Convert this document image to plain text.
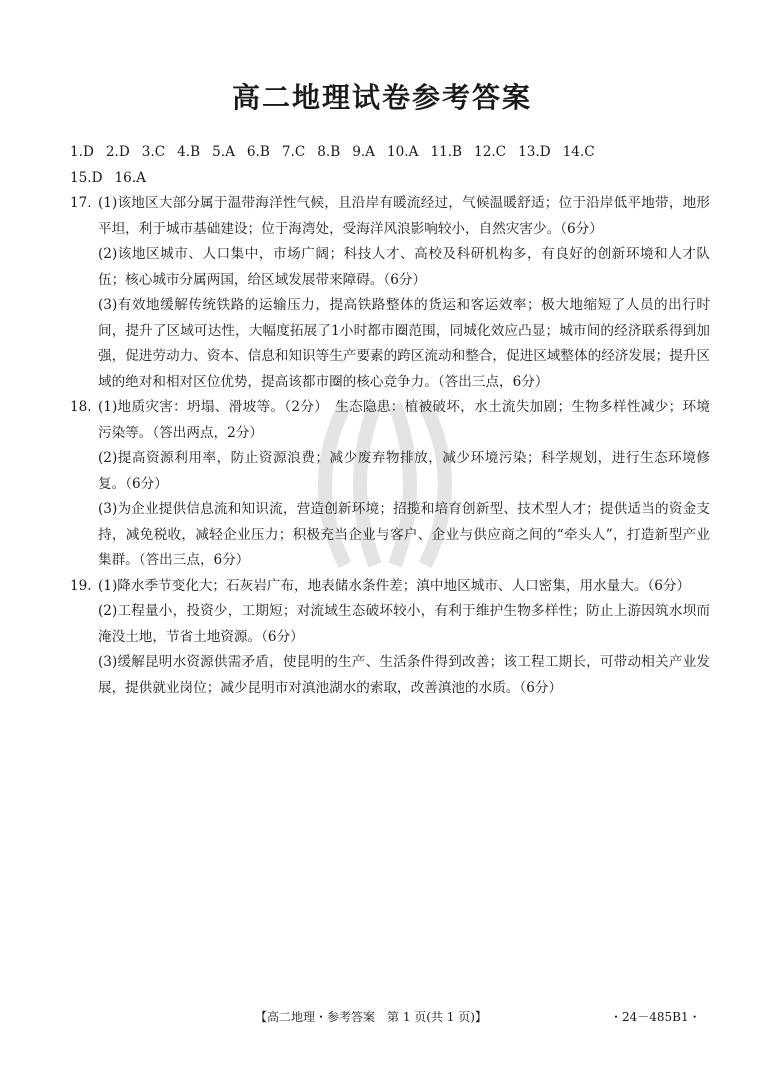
高二地理试卷参考答案
1.D 2.D 3.C 4.B 5.A 6.B 7.C 8.B 9.A 10.A 11.B 12.C 13.D 14.C
15.D 16.A
17. (1)该地区大部分属于温带海洋性气候，且沿岸有暖流经过，气候温暖舒适；位于沿岸低平地带，地形平坦，利于城市基础建设；位于海湾处，受海洋风浪影响较小，自然灾害少。（6分）
(2)该地区城市、人口集中，市场广阔；科技人才、高校及科研机构多，有良好的创新环境和人才队伍；核心城市分属两国，给区域发展带来障碍。（6分）
(3)有效地缓解传统铁路的运输压力，提高铁路整体的货运和客运效率；极大地缩短了人员的出行时间，提升了区域可达性，大幅度拓展了1小时都市圈范围，同城化效应凸显；城市间的经济联系得到加强，促进劳动力、资本、信息和知识等生产要素的跨区流动和整合，促进区域整体的经济发展；提升区域的绝对和相对区位优势，提高该都市圈的核心竞争力。（答出三点，6分）
18. (1)地质灾害：坍塌、滑坡等。（2分）　生态隐患：植被破坏，水土流失加剧；生物多样性减少；环境污染等。（答出两点，2分）
(2)提高资源利用率，防止资源浪费；减少废弃物排放，减少环境污染；科学规划，进行生态环境修复。（6分）
(3)为企业提供信息流和知识流，营造创新环境；招揽和培育创新型、技术型人才；提供适当的资金支持，减免税收，减轻企业压力；积极充当企业与客户、企业与供应商之间的“牵头人”，打造新型产业集群。（答出三点，6分）
19. (1)降水季节变化大；石灰岩广布，地表储水条件差；滇中地区城市、人口密集，用水量大。（6分）
(2)工程量小，投资少，工期短；对流域生态破坏较小，有利于维护生物多样性；防止上游因筑水坝而淹没土地，节省土地资源。（6分）
(3)缓解昆明水资源供需矛盾，使昆明的生产、生活条件得到改善；该工程工期长，可带动相关产业发展，提供就业岗位；减少昆明市对滇池湖水的索取，改善滇池的水质。（6分）
【高二地理・参考答案　第 1 页(共 1 页)】	・24－485B1・
